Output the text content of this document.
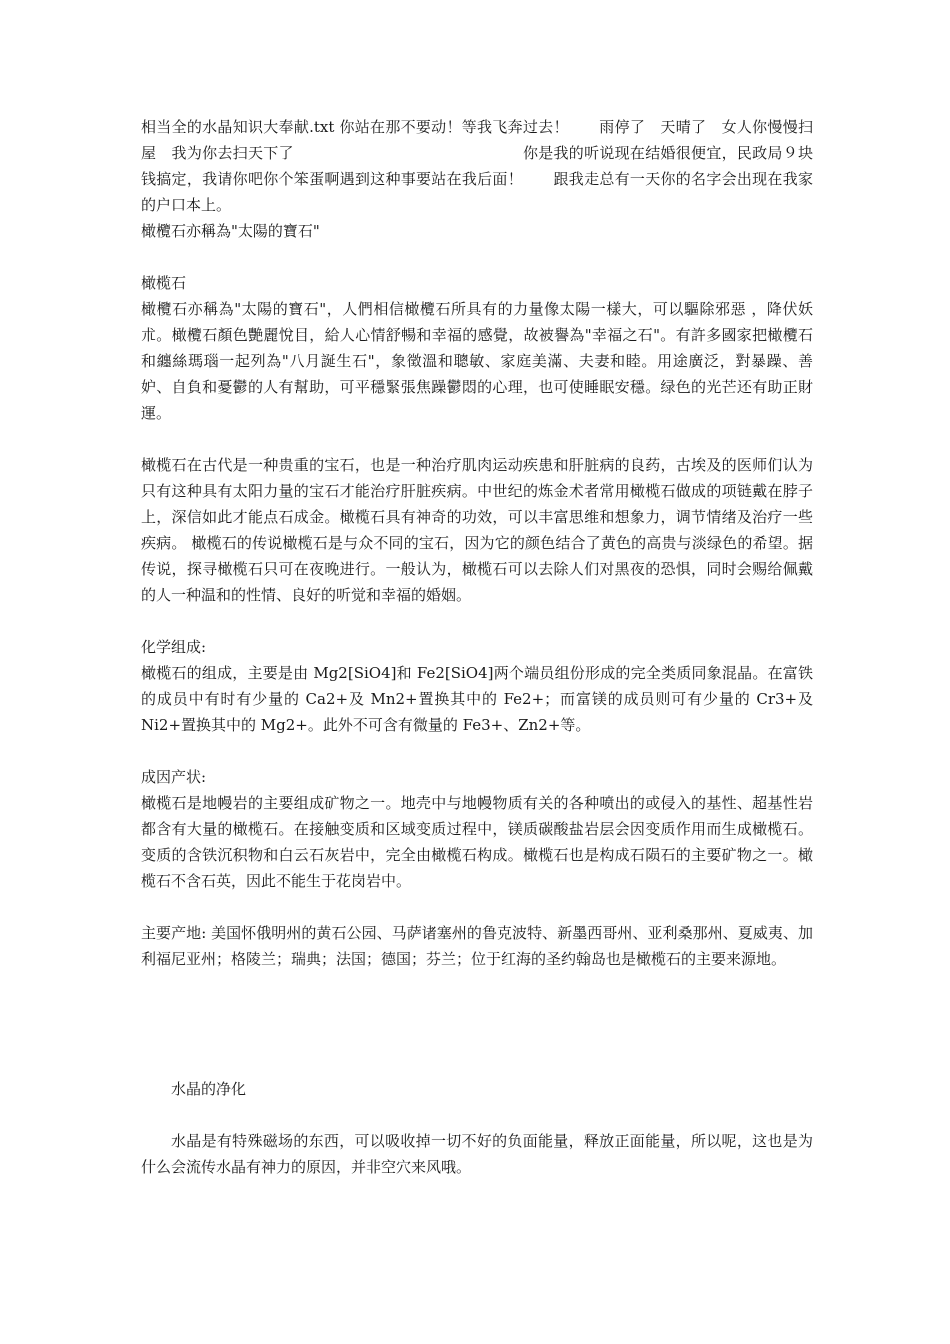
相当全的水晶知识大奉献.txt 你站在那不要动！等我飞奔过去！　　雨停了　天晴了　女人你慢慢扫屋　我为你去扫天下了　　　　　　　　　　　　　　　你是我的听说现在结婚很便宜，民政局９块钱搞定，我请你吧你个笨蛋啊遇到这种事要站在我后面！　　跟我走总有一天你的名字会出现在我家的户口本上。

橄欖石亦稱為"太陽的寶石"

橄榄石

橄欖石亦稱為"太陽的寶石"，人們相信橄欖石所具有的力量像太陽一樣大，可以驅除邪惡 ，降伏妖朮。橄欖石顏色艷麗悅目，給人心情舒暢和幸福的感覺，故被譽為"幸福之石"。有許多國家把橄欖石和纏絲瑪瑙一起列為"八月誕生石"，象徵溫和聰敏、家庭美滿、夫妻和睦。用途廣泛，對暴躁、善妒、自負和憂鬱的人有幫助，可平穩緊張焦躁鬱悶的心理，也可使睡眠安穩。绿色的光芒还有助正財運。

橄榄石在古代是一种贵重的宝石，也是一种治疗肌肉运动疾患和肝脏病的良药，古埃及的医师们认为只有这种具有太阳力量的宝石才能治疗肝脏疾病。中世纪的炼金术者常用橄榄石做成的项链戴在脖子上，深信如此才能点石成金。橄榄石具有神奇的功效，可以丰富思维和想象力，调节情绪及治疗一些疾病。 橄榄石的传说橄榄石是与众不同的宝石，因为它的颜色结合了黄色的高贵与淡绿色的希望。据传说，探寻橄榄石只可在夜晚进行。一般认为，橄榄石可以去除人们对黑夜的恐惧，同时会赐给佩戴的人一种温和的性情、良好的听觉和幸福的婚姻。

化学组成:

橄榄石的组成，主要是由 Mg2[SiO4]和 Fe2[SiO4]两个端员组份形成的完全类质同象混晶。在富铁的成员中有时有少量的 Ca2+及 Mn2+置换其中的 Fe2+；而富镁的成员则可有少量的 Cr3+及 Ni2+置换其中的 Mg2+。此外不可含有微量的 Fe3+、Zn2+等。

成因产状:

橄榄石是地幔岩的主要组成矿物之一。地壳中与地幔物质有关的各种喷出的或侵入的基性、超基性岩都含有大量的橄榄石。在接触变质和区域变质过程中，镁质碳酸盐岩层会因变质作用而生成橄榄石。变质的含铁沉积物和白云石灰岩中，完全由橄榄石构成。橄榄石也是构成石陨石的主要矿物之一。橄榄石不含石英，因此不能生于花岗岩中。

主要产地: 美国怀俄明州的黄石公园、马萨诸塞州的鲁克波特、新墨西哥州、亚利桑那州、夏威夷、加利福尼亚州；格陵兰；瑞典；法国；德国；芬兰；位于红海的圣约翰岛也是橄榄石的主要来源地。

水晶的净化

水晶是有特殊磁场的东西，可以吸收掉一切不好的负面能量，释放正面能量，所以呢，这也是为什么会流传水晶有神力的原因，并非空穴来风哦。
